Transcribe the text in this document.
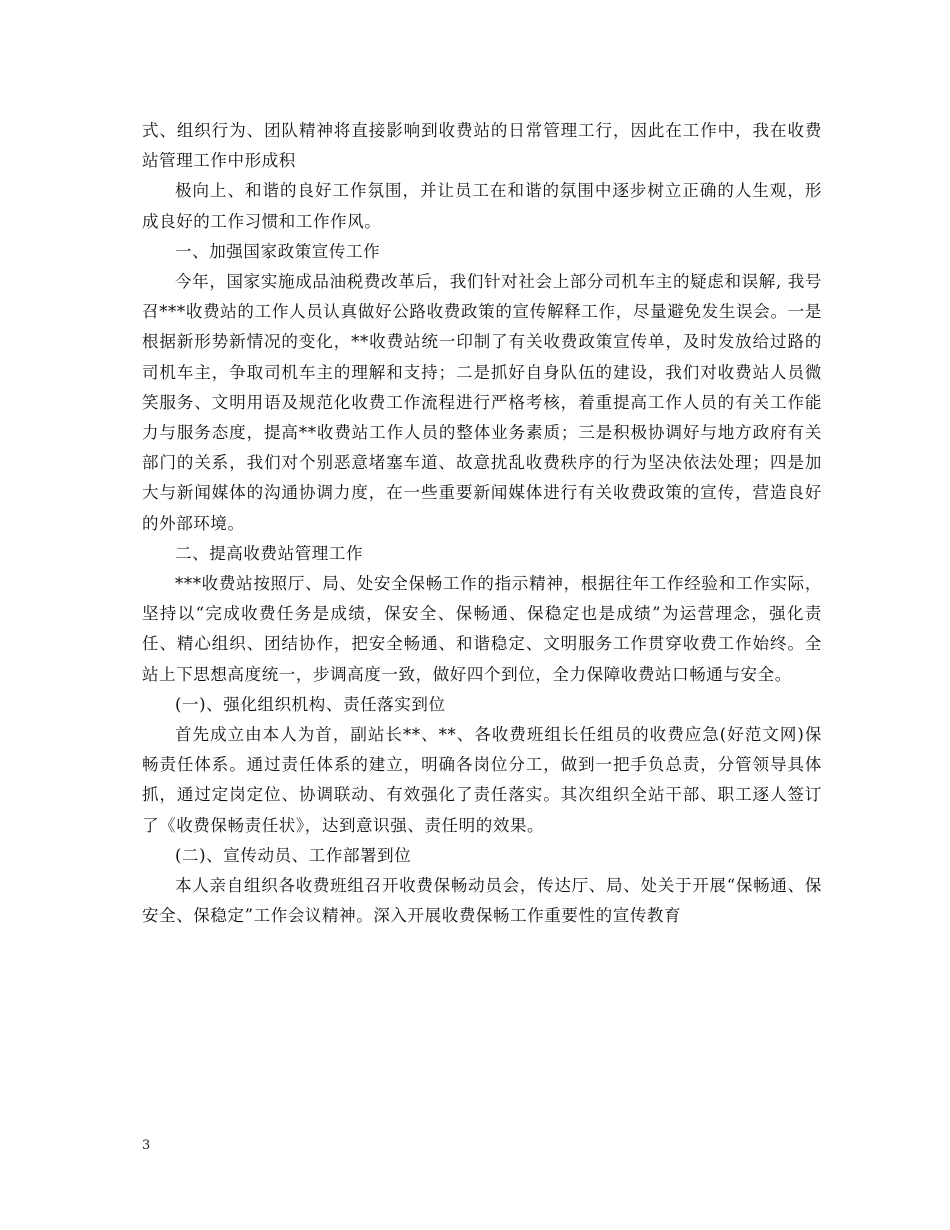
式、组织行为、团队精神将直接影响到收费站的日常管理工行，因此在工作中，我在收费站管理工作中形成积

极向上、和谐的良好工作氛围，并让员工在和谐的氛围中逐步树立正确的人生观，形成良好的工作习惯和工作作风。

一、加强国家政策宣传工作

今年，国家实施成品油税费改革后，我们针对社会上部分司机车主的疑虑和误解, 我号召***收费站的工作人员认真做好公路收费政策的宣传解释工作，尽量避免发生误会。一是根据新形势新情况的变化，**收费站统一印制了有关收费政策宣传单，及时发放给过路的司机车主，争取司机车主的理解和支持；二是抓好自身队伍的建设，我们对收费站人员微笑服务、文明用语及规范化收费工作流程进行严格考核，着重提高工作人员的有关工作能力与服务态度，提高**收费站工作人员的整体业务素质；三是积极协调好与地方政府有关部门的关系，我们对个别恶意堵塞车道、故意扰乱收费秩序的行为坚决依法处理；四是加大与新闻媒体的沟通协调力度，在一些重要新闻媒体进行有关收费政策的宣传，营造良好的外部环境。

二、提高收费站管理工作

***收费站按照厅、局、处安全保畅工作的指示精神，根据往年工作经验和工作实际，坚持以“完成收费任务是成绩，保安全、保畅通、保稳定也是成绩”为运营理念，强化责任、精心组织、团结协作，把安全畅通、和谐稳定、文明服务工作贯穿收费工作始终。全站上下思想高度统一，步调高度一致，做好四个到位，全力保障收费站口畅通与安全。

(一)、强化组织机构、责任落实到位

首先成立由本人为首，副站长**、**、各收费班组长任组员的收费应急(好范文网)保畅责任体系。通过责任体系的建立，明确各岗位分工，做到一把手负总责，分管领导具体抓，通过定岗定位、协调联动、有效强化了责任落实。其次组织全站干部、职工逐人签订了《收费保畅责任状》，达到意识强、责任明的效果。

(二)、宣传动员、工作部署到位

本人亲自组织各收费班组召开收费保畅动员会，传达厅、局、处关于开展“保畅通、保安全、保稳定”工作会议精神。深入开展收费保畅工作重要性的宣传教育

3
